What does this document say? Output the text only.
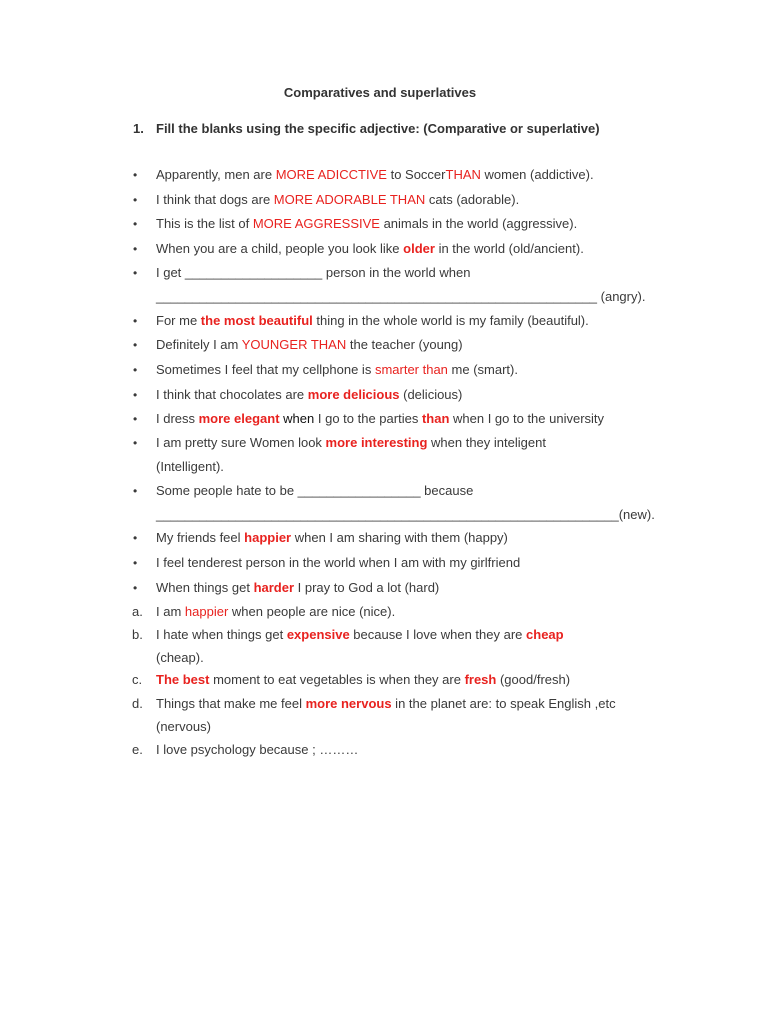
Comparatives and superlatives
1. Fill the blanks using the specific adjective: (Comparative or superlative)
•	Apparently, men are MORE ADICCTIVE to SoccerTHAN women (addictive).
•	I think that dogs are MORE ADORABLE THAN cats (adorable).
•	This is the list of MORE AGGRESSIVE animals in the world (aggressive).
•	When you are a child, people you look like older in the world (old/ancient).
•	I get ___________________ person in the world when
_____________________________________________________________ (angry).
•	For me the most beautiful thing in the whole world is my family (beautiful).
•	Definitely I am YOUNGER THAN the teacher (young)
•	Sometimes I feel that my cellphone is smarter than me (smart).
•	I think that chocolates are more delicious (delicious)
•	I dress more elegant when I go to the parties than when I go to the university
•	I am pretty sure Women look more interesting when they inteligent
(Intelligent).
•	Some people hate to be _________________ because
________________________________________________________________(new).
•	My friends feel happier when I am sharing with them (happy)
•	I feel tenderest person in the world when I am with my girlfriend
•	When things get harder I pray to God a lot (hard)
a.	I am happier when people are nice (nice).
b.	I hate when things get expensive because I love when they are cheap
(cheap).
c.	The best moment to eat vegetables is when they are fresh (good/fresh)
d.	Things that make me feel more nervous in the planet are: to speak English ,etc
(nervous)
e.	I love psychology because ; ………
